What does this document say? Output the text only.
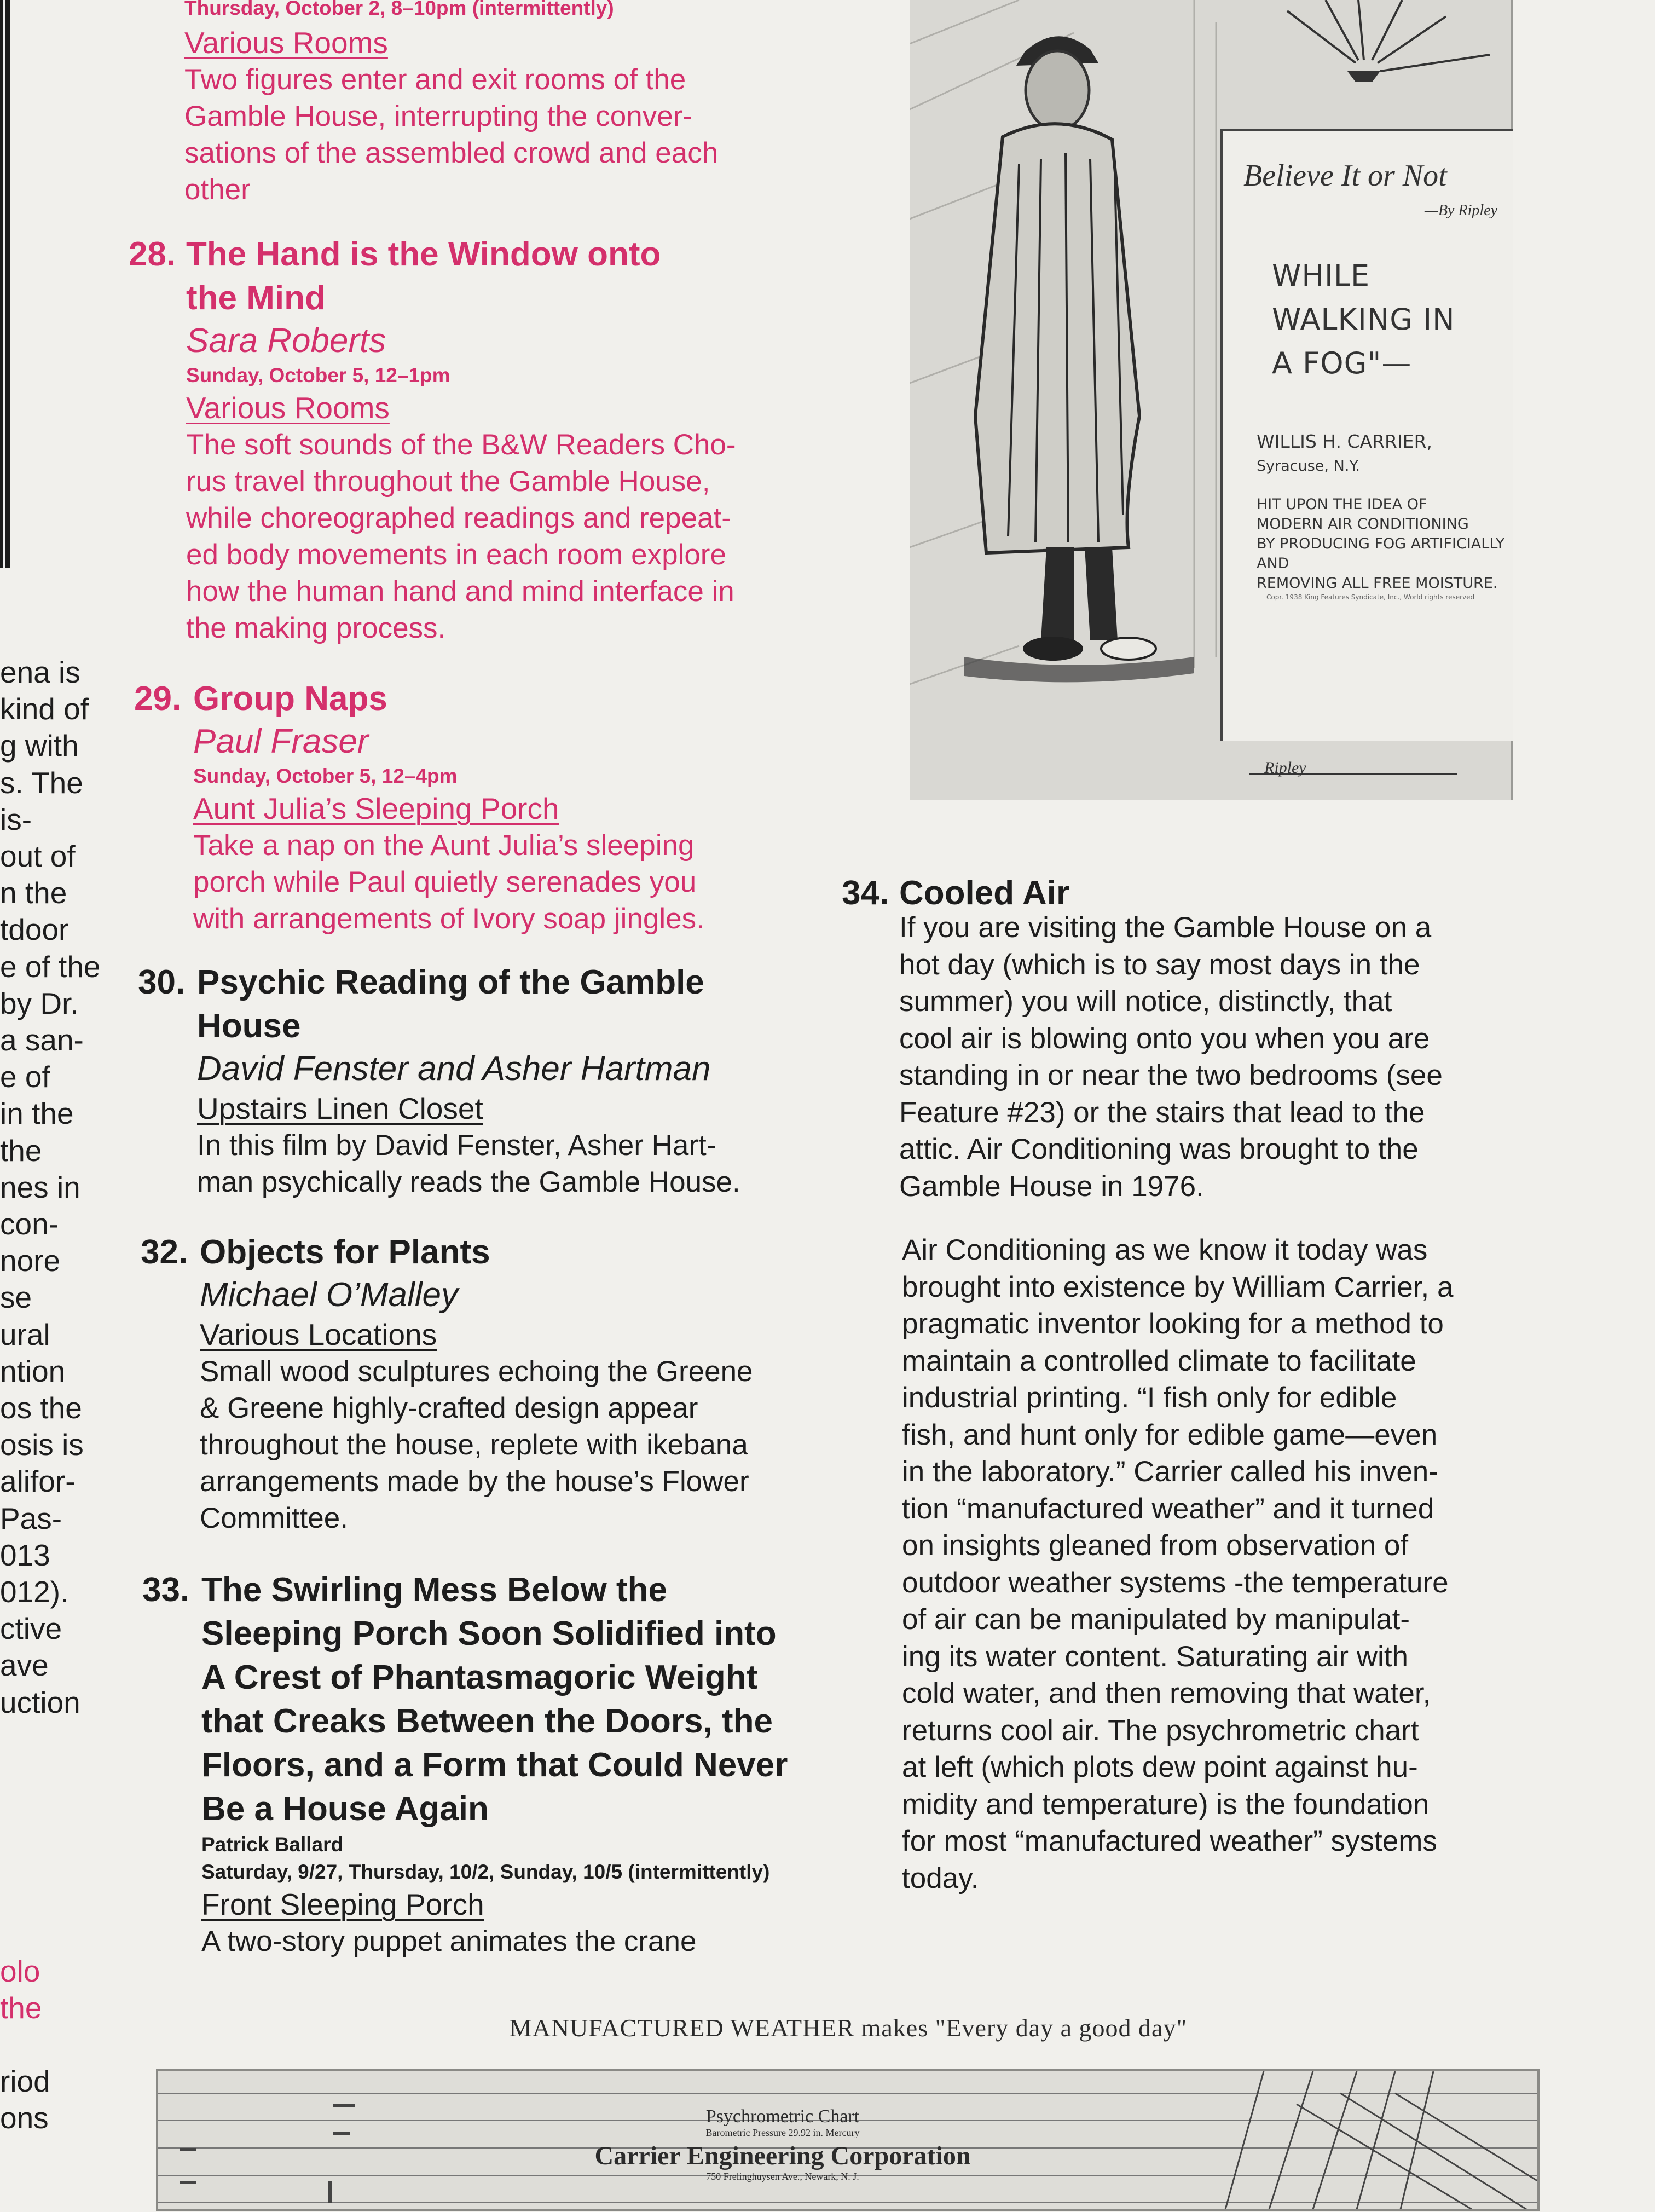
ena is
kind of
g with
s. The
is-
out of
n the
tdoor
e of the
by Dr.
a san-
e of
in the
the
nes in
con-
nore
se
ural
ntion
os the
osis is
alifor-
Pas-
013
012).
ctive
ave
uction
olo
the

riod
ons
Thursday, October 2, 8–10pm (intermittently)
Various Rooms
Two figures enter and exit rooms of the
Gamble House, interrupting the conver-
sations of the assembled crowd and each
other
28. The Hand is the Window onto
the Mind
Sara Roberts
Sunday, October 5, 12–1pm
Various Rooms
The soft sounds of the B&W Readers Cho-
rus travel throughout the Gamble House,
while choreographed readings and repeat-
ed body movements in each room explore
how the human hand and mind interface in
the making process.
29. Group Naps
Paul Fraser
Sunday, October 5, 12–4pm
Aunt Julia’s Sleeping Porch
Take a nap on the Aunt Julia’s sleeping
porch while Paul quietly serenades you
with arrangements of Ivory soap jingles.
30. Psychic Reading of the Gamble
House
David Fenster and Asher Hartman
Upstairs Linen Closet
In this film by David Fenster, Asher Hart-
man psychically reads the Gamble House.
32. Objects for Plants
Michael O’Malley
Various Locations
Small wood sculptures echoing the Greene
& Greene highly-crafted design appear
throughout the house, replete with ikebana
arrangements made by the house’s Flower
Committee.
33. The Swirling Mess Below the
Sleeping Porch Soon Solidified into
A Crest of Phantasmagoric Weight
that Creaks Between the Doors, the
Floors, and a Form that Could Never
Be a House Again
Patrick Ballard
Saturday, 9/27, Thursday, 10/2, Sunday, 10/5 (intermittently)
Front Sleeping Porch
A two-story puppet animates the crane
Believe It or Not
—By Ripley
WHILE
WALKING IN
A FOG"—
WILLIS H. CARRIER,
Syracuse, N.Y.
HIT UPON THE IDEA OF
MODERN AIR CONDITIONING
BY PRODUCING FOG ARTIFICIALLY AND
REMOVING ALL FREE MOISTURE.
Copr. 1938 King Features Syndicate, Inc., World rights reserved
Ripley
34. Cooled Air
If you are visiting the Gamble House on a
hot day (which is to say most days in the
summer) you will notice, distinctly, that
cool air is blowing onto you when you are
standing in or near the two bedrooms (see
Feature #23) or the stairs that lead to the
attic. Air Conditioning was brought to the
Gamble House in 1976.
Air Conditioning as we know it today was
brought into existence by William Carrier, a
pragmatic inventor looking for a method to
maintain a controlled climate to facilitate
industrial printing. “I fish only for edible
fish, and hunt only for edible game—even
in the laboratory.” Carrier called his inven-
tion “manufactured weather” and it turned
on insights gleaned from observation of
outdoor weather systems -the temperature
of air can be manipulated by manipulat-
ing its water content. Saturating air with
cold water, and then removing that water,
returns cool air. The psychrometric chart
at left (which plots dew point against hu-
midity and temperature) is the foundation
for most “manufactured weather” systems
today.
MANUFACTURED WEATHER makes "Every day a good day"
Psychrometric Chart
Barometric Pressure 29.92 in. Mercury
Carrier Engineering Corporation
750 Frelinghuysen Ave., Newark, N. J.
